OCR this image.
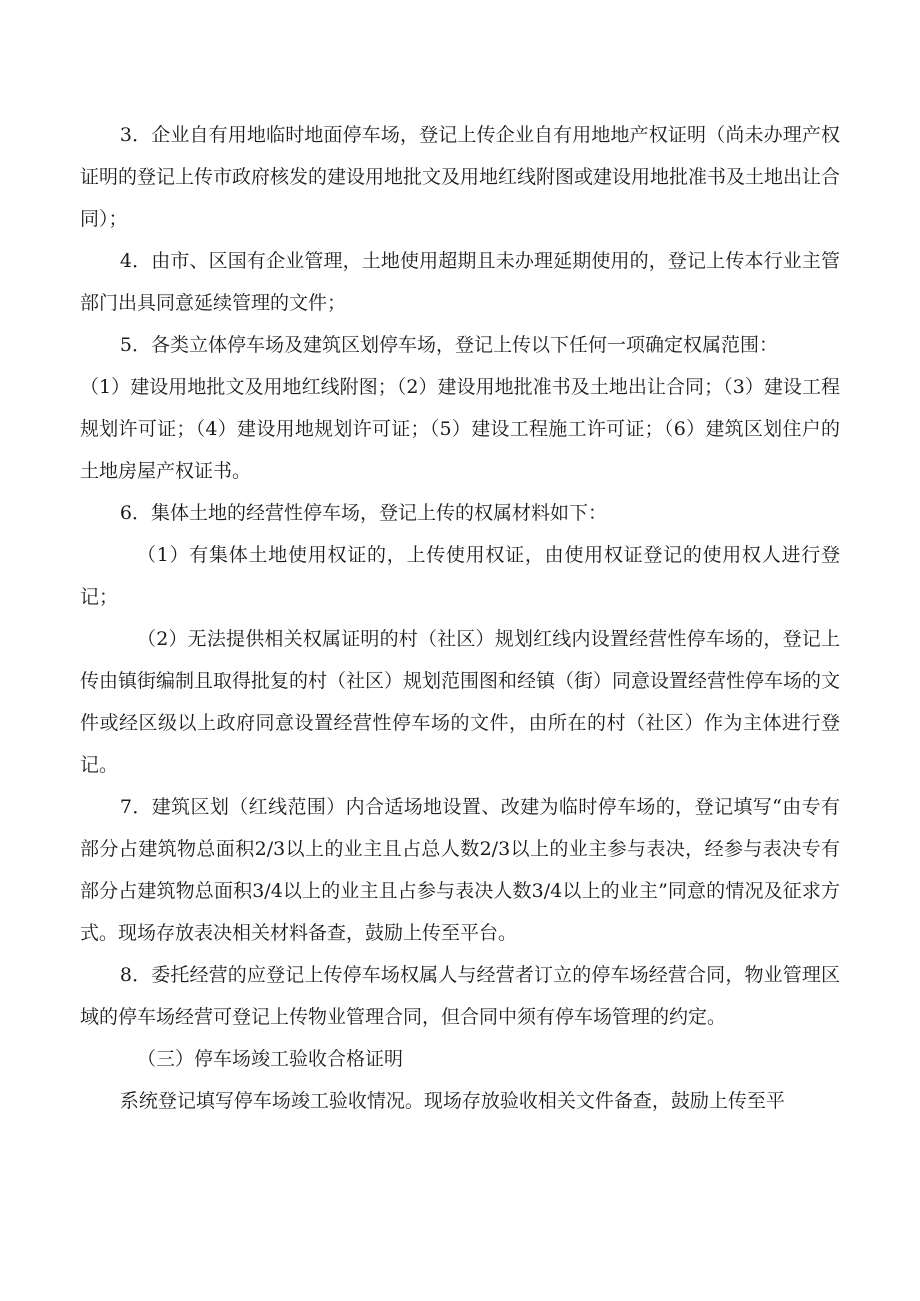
3．企业自有用地临时地面停车场，登记上传企业自有用地地产权证明（尚未办理产权证明的登记上传市政府核发的建设用地批文及用地红线附图或建设用地批准书及土地出让合同）；

4．由市、区国有企业管理，土地使用超期且未办理延期使用的，登记上传本行业主管部门出具同意延续管理的文件；

5．各类立体停车场及建筑区划停车场，登记上传以下任何一项确定权属范围：

（1）建设用地批文及用地红线附图；（2）建设用地批准书及土地出让合同；（3）建设工程规划许可证；（4）建设用地规划许可证；（5）建设工程施工许可证；（6）建筑区划住户的土地房屋产权证书。

6．集体土地的经营性停车场，登记上传的权属材料如下：

（1）有集体土地使用权证的，上传使用权证，由使用权证登记的使用权人进行登记；

（2）无法提供相关权属证明的村（社区）规划红线内设置经营性停车场的，登记上传由镇街编制且取得批复的村（社区）规划范围图和经镇（街）同意设置经营性停车场的文件或经区级以上政府同意设置经营性停车场的文件，由所在的村（社区）作为主体进行登记。

7．建筑区划（红线范围）内合适场地设置、改建为临时停车场的，登记填写“由专有部分占建筑物总面积2/3以上的业主且占总人数2/3以上的业主参与表决，经参与表决专有部分占建筑物总面积3/4以上的业主且占参与表决人数3/4以上的业主”同意的情况及征求方式。现场存放表决相关材料备查，鼓励上传至平台。

8．委托经营的应登记上传停车场权属人与经营者订立的停车场经营合同，物业管理区域的停车场经营可登记上传物业管理合同，但合同中须有停车场管理的约定。

（三）停车场竣工验收合格证明

系统登记填写停车场竣工验收情况。现场存放验收相关文件备查，鼓励上传至平
